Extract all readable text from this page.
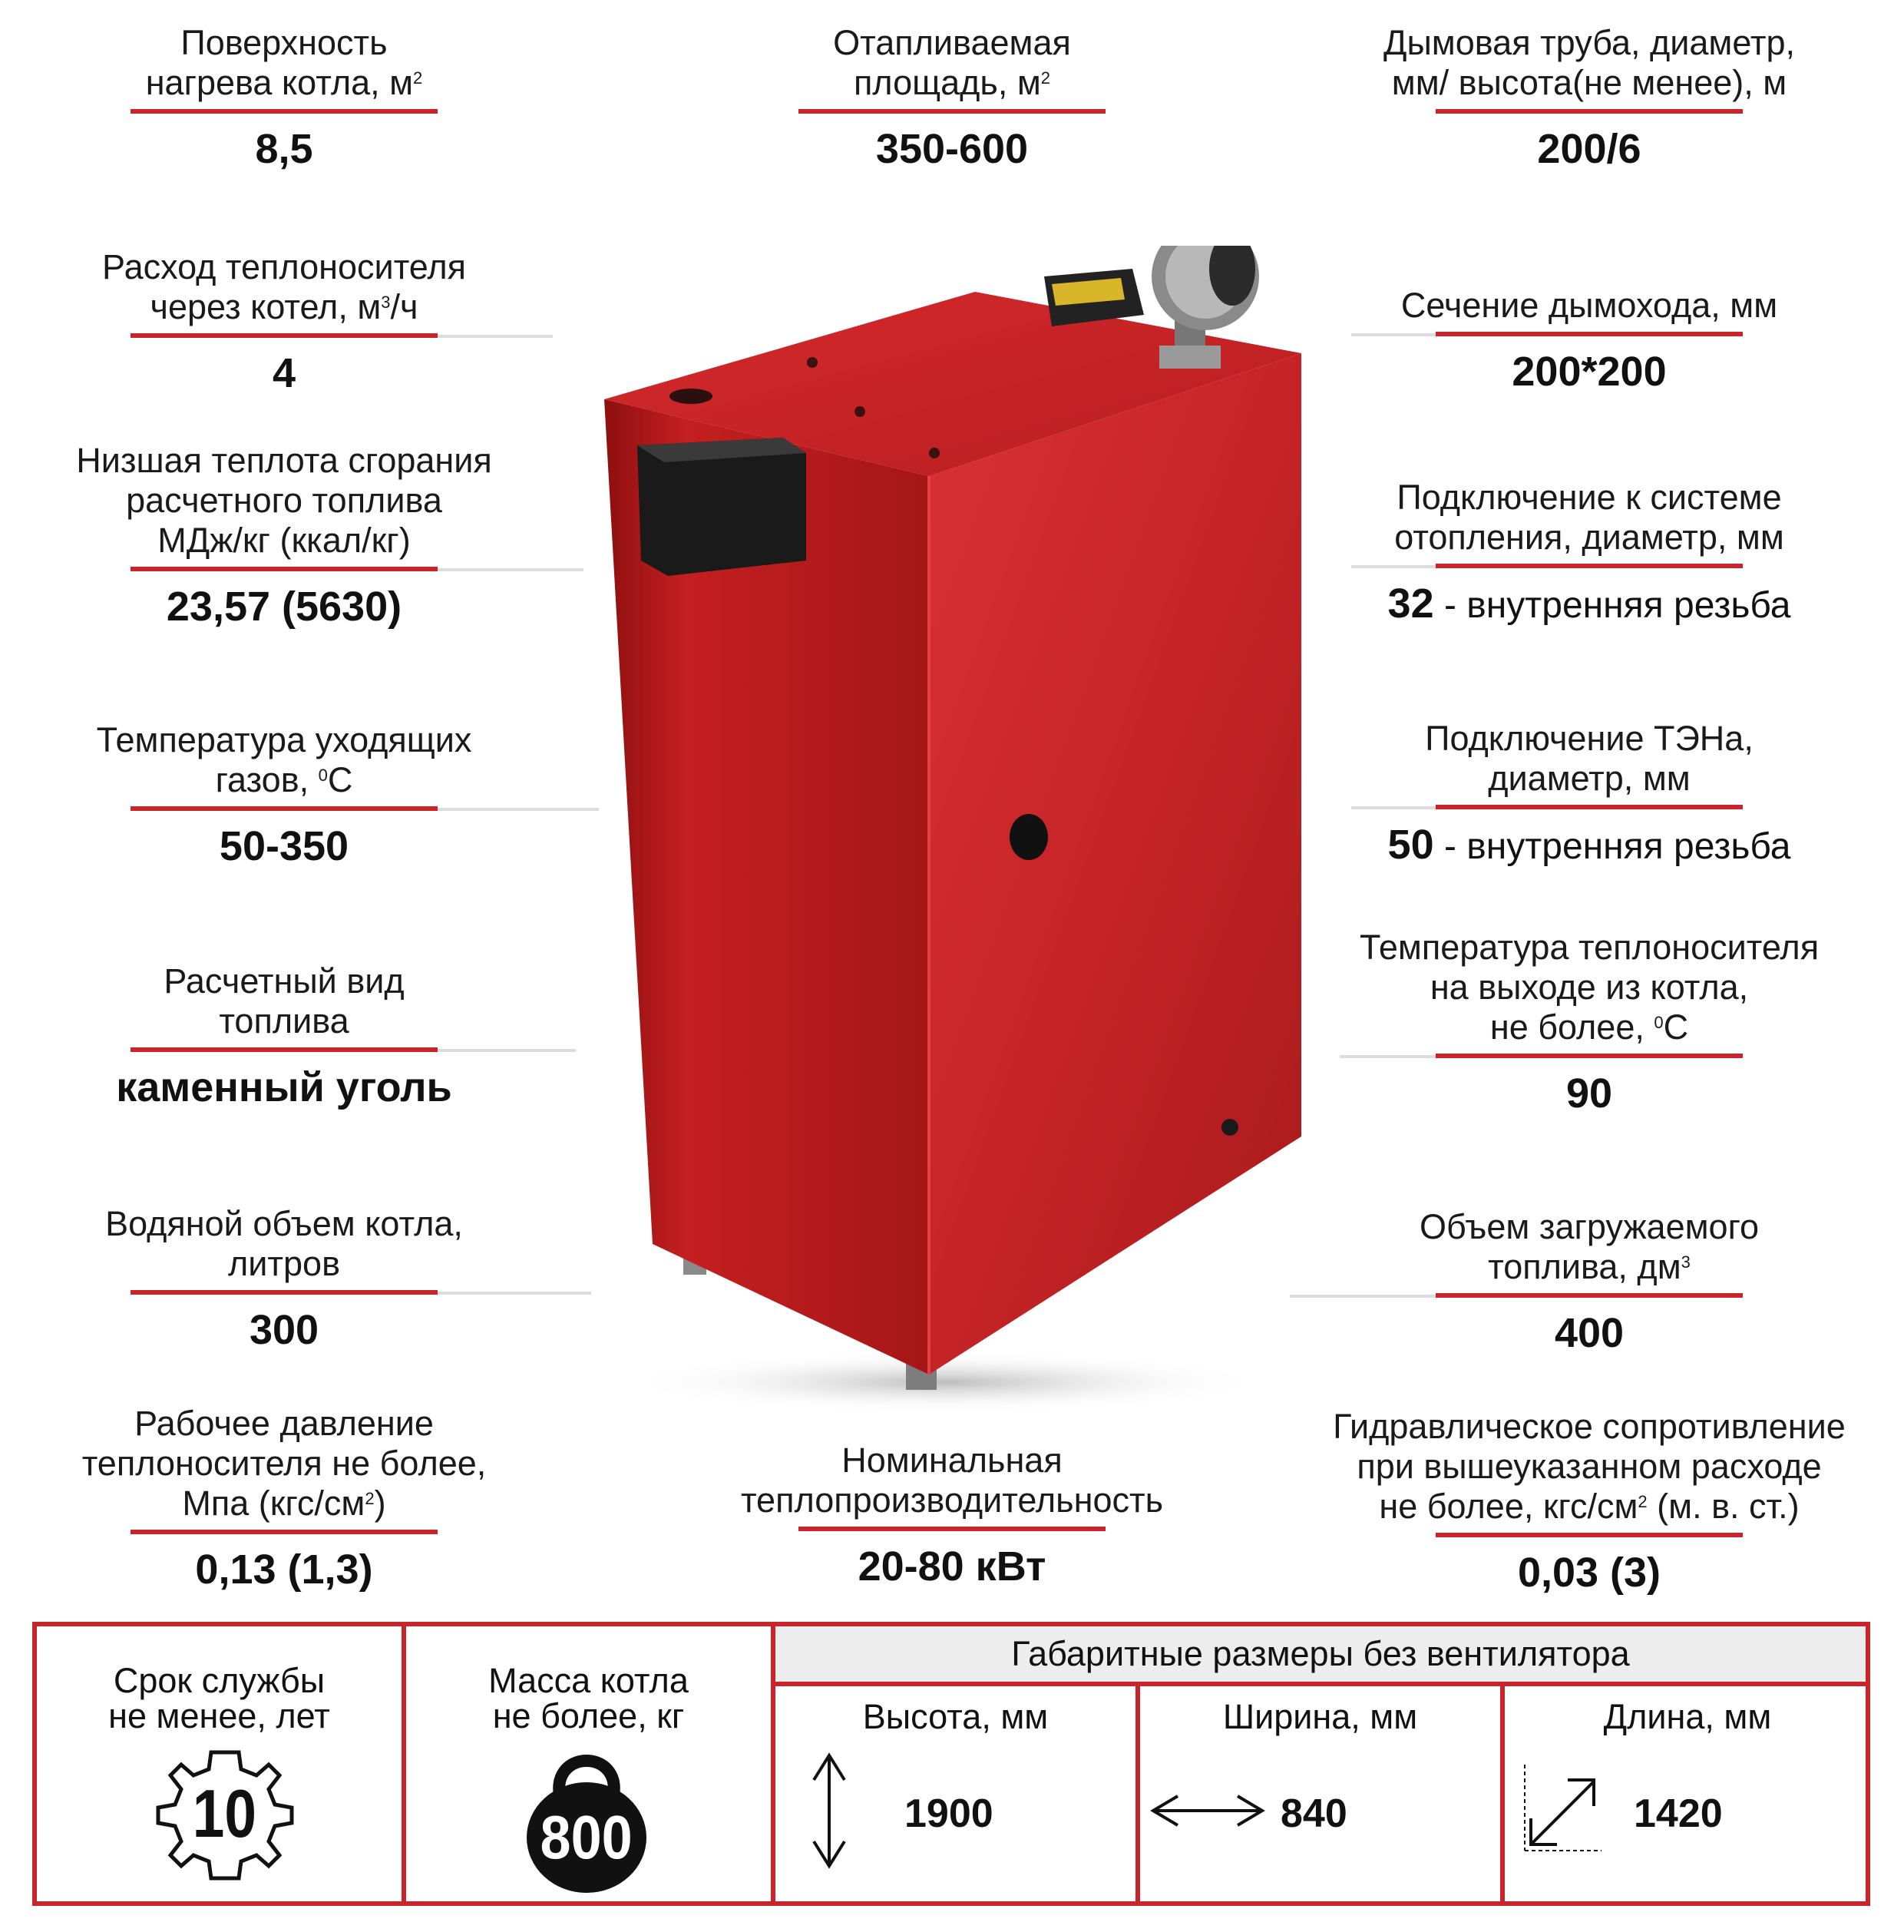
Поверхность
нагрева котла, $м^2$
8,5
Расход теплоносителя
через котел, $м^3/ч$
4
Низшая теплота сгорания
расчетного топлива
МДж/кг (ккал/кг)
23,57 (5630)
Температура уходящих
газов, $^0$С
50-350
Расчетный вид
топлива
каменный уголь
Водяной объем котла,
литров
300
Рабочее давление
теплоносителя не более,
Мпа $(кгс/см^2)$
0,13 (1,3)
Отапливаемая
площадь, $м^2$
350-600
Номинальная
теплопроизводительность
20-80 кВт
Дымовая труба, диаметр,
мм/ высота(не менее), м
200/6
Сечение дымохода, мм
200*200
Подключение к системе
отопления, диаметр, мм
32 - внутренняя резьба
Подключение ТЭНа,
диаметр, мм
50 - внутренняя резьба
Температура теплоносителя
на выходе из котла,
не более, $^0$С
90
Объем загружаемого
топлива, $дм^3$
400
Гидравлическое сопротивление
при вышеуказанном расходе
не более, кгс/$см^2$ (м. в. ст.)
0,03 (3)
Срок службы
не менее, лет
10
Масса котла
не более, кг
800
Габаритные размеры без вентилятора
Высота, мм
1900
Ширина, мм
840
Длина, мм
1420
